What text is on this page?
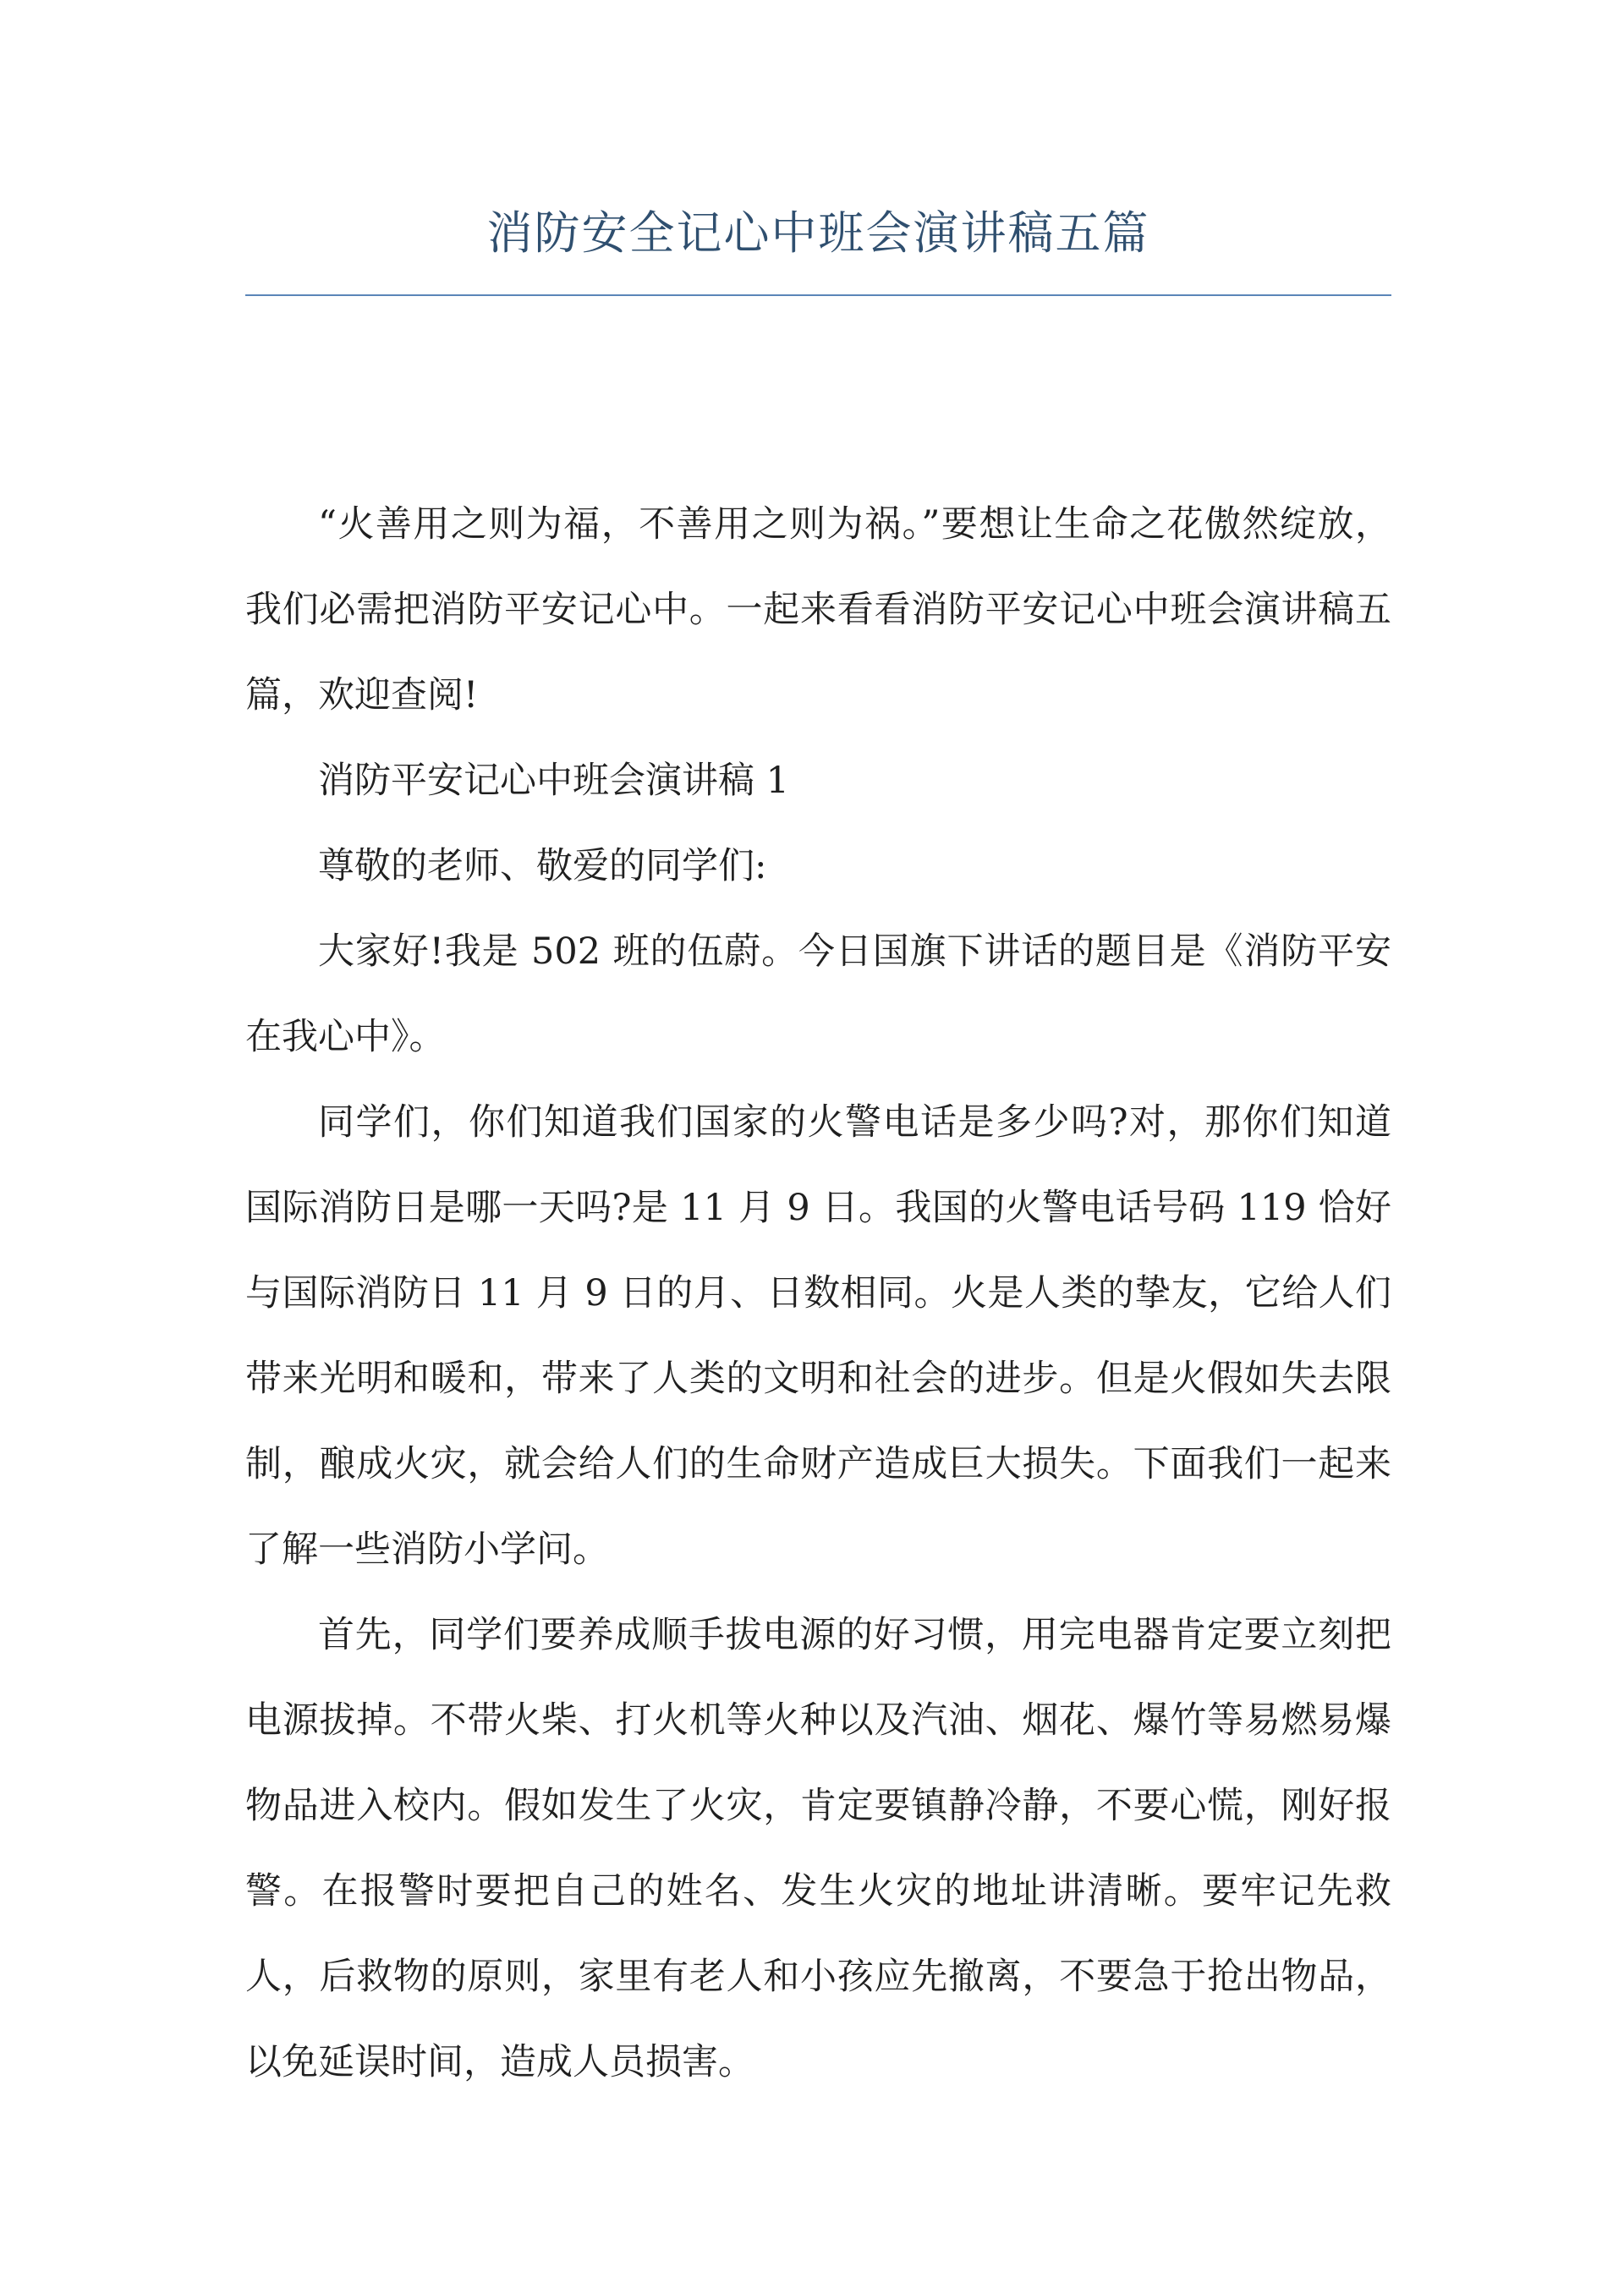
消防安全记心中班会演讲稿五篇

“火善用之则为福，不善用之则为祸。”要想让生命之花傲然绽放，我们必需把消防平安记心中。一起来看看消防平安记心中班会演讲稿五篇，欢迎查阅!

消防平安记心中班会演讲稿 1

尊敬的老师、敬爱的同学们:

大家好!我是 502 班的伍蔚。今日国旗下讲话的题目是《消防平安在我心中》。

同学们，你们知道我们国家的火警电话是多少吗?对，那你们知道国际消防日是哪一天吗?是 11 月 9 日。我国的火警电话号码 119 恰好与国际消防日 11 月 9 日的月、日数相同。火是人类的挚友，它给人们带来光明和暖和，带来了人类的文明和社会的进步。但是火假如失去限制，酿成火灾，就会给人们的生命财产造成巨大损失。下面我们一起来了解一些消防小学问。

首先，同学们要养成顺手拔电源的好习惯，用完电器肯定要立刻把电源拔掉。不带火柴、打火机等火种以及汽油、烟花、爆竹等易燃易爆物品进入校内。假如发生了火灾，肯定要镇静冷静，不要心慌，刚好报警。在报警时要把自己的姓名、发生火灾的地址讲清晰。要牢记先救人，后救物的原则，家里有老人和小孩应先撤离，不要急于抢出物品，以免延误时间，造成人员损害。
